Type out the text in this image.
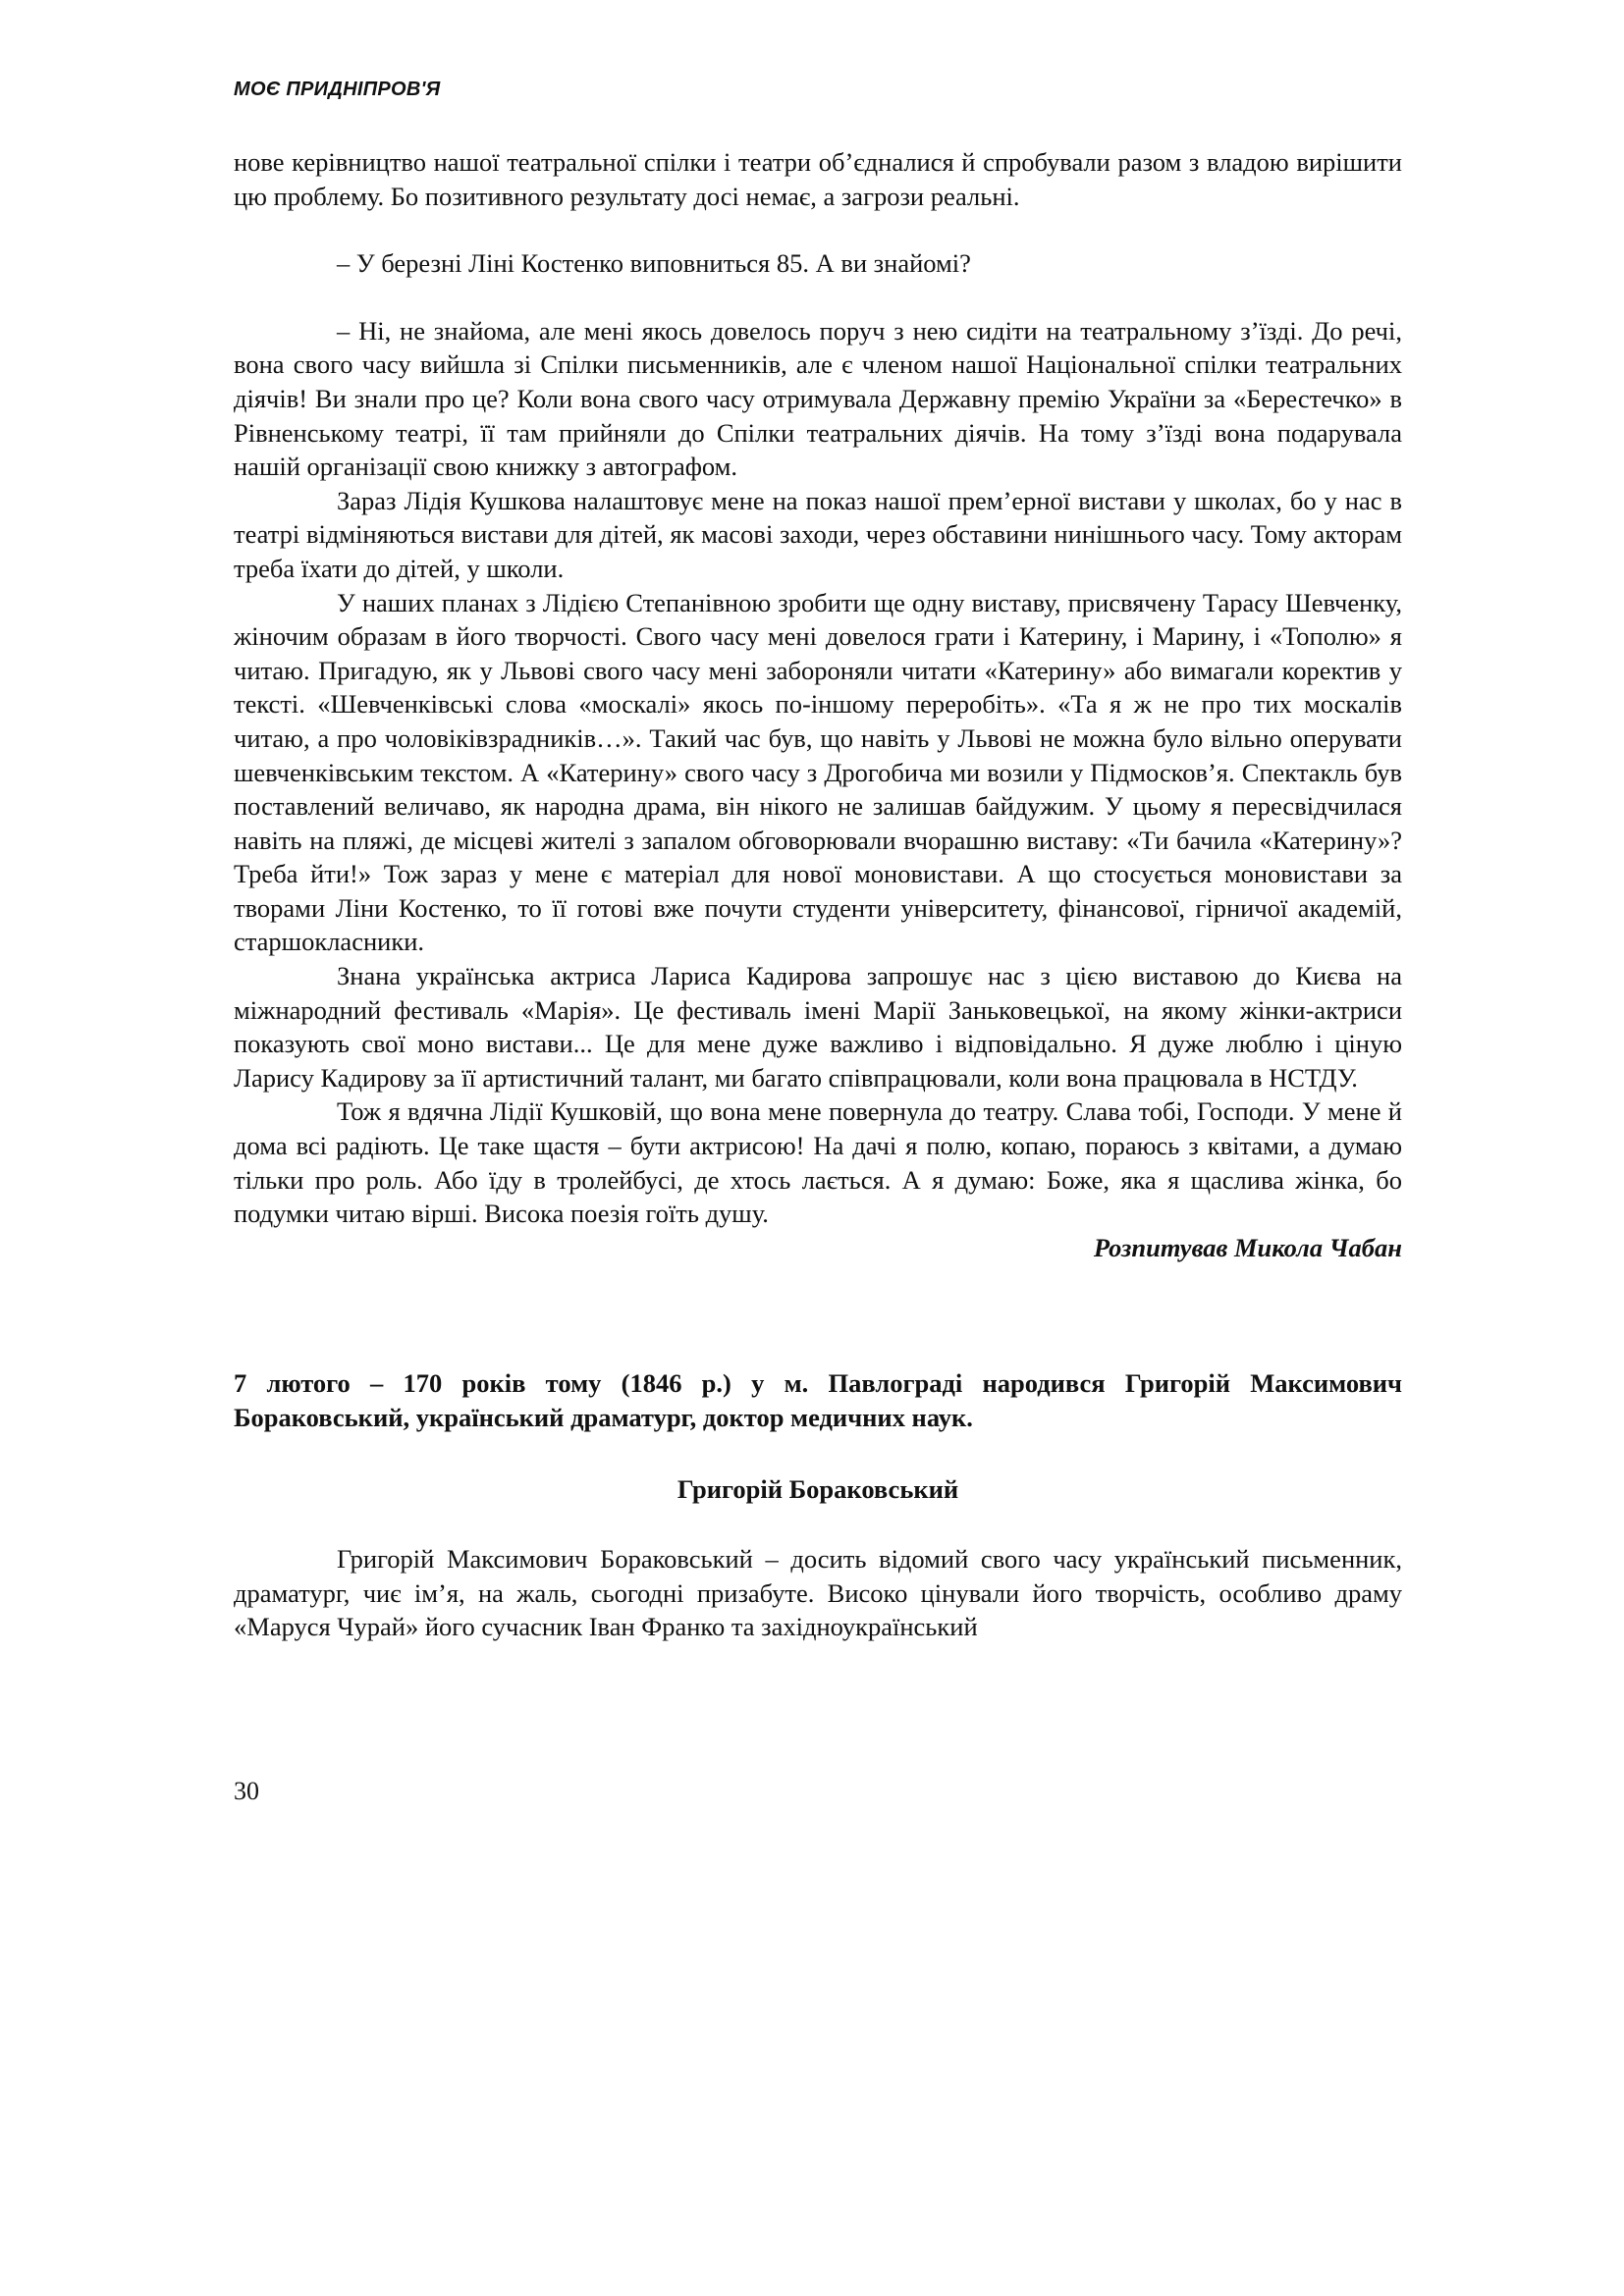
МОЄ ПРИДНІПРОВ'Я

нове керівництво нашої театральної спілки і театри об’єдналися й спробували разом з владою вирішити цю проблему. Бо позитивного результату досі немає, а загрози реальні.

– У березні Ліні Костенко виповниться 85. А ви знайомі?

– Ні, не знайома, але мені якось довелось поруч з нею сидіти на театральному з’їзді. До речі, вона свого часу вийшла зі Спілки письменників, але є членом нашої Національної спілки театральних діячів! Ви знали про це? Коли вона свого часу отримувала Державну премію України за «Берестечко» в Рівненському театрі, її там прийняли до Спілки театральних діячів. На тому з’їзді вона подарувала нашій організації свою книжку з автографом.

Зараз Лідія Кушкова налаштовує мене на показ нашої прем’ерної вистави у школах, бо у нас в театрі відміняються вистави для дітей, як масові заходи, через обставини нинішнього часу. Тому акторам треба їхати до дітей, у школи.

У наших планах з Лідією Степанівною зробити ще одну виставу, присвячену Тарасу Шевченку, жіночим образам в його творчості. Свого часу мені довелося грати і Катерину, і Марину, і «Тополю» я читаю. Пригадую, як у Львові свого часу мені забороняли читати «Катерину» або вимагали коректив у тексті. «Шевченківські слова «москалі» якось по-іншому переробіть». «Та я ж не про тих москалів читаю, а про чоловіківзрадників…». Такий час був, що навіть у Львові не можна було вільно оперувати шевченківським текстом. А «Катерину» свого часу з Дрогобича ми возили у Підмосков’я. Спектакль був поставлений величаво, як народна драма, він нікого не залишав байдужим. У цьому я пересвідчилася навіть на пляжі, де місцеві жителі з запалом обговорювали вчорашню виставу: «Ти бачила «Катерину»? Треба йти!» Тож зараз у мене є матеріал для нової моновистави. А що стосується моновистави за творами Ліни Костенко, то її готові вже почути студенти університету, фінансової, гірничої академій, старшокласники.

Знана українська актриса Лариса Кадирова запрошує нас з цією виставою до Києва на міжнародний фестиваль «Марія». Це фестиваль імені Марії Заньковецької, на якому жінки-актриси показують свої моно вистави... Це для мене дуже важливо і відповідально. Я дуже люблю і ціную Ларису Кадирову за її артистичний талант, ми багато співпрацювали, коли вона працювала в НСТДУ.

Тож я вдячна Лідії Кушковій, що вона мене повернула до театру. Слава тобі, Господи. У мене й дома всі радіють. Це таке щастя – бути актрисою! На дачі я полю, копаю, пораюсь з квітами, а думаю тільки про роль. Або їду в тролейбусі, де хтось лається. А я думаю: Боже, яка я щаслива жінка, бо подумки читаю вірші. Висока поезія гоїть душу.

Розпитував Микола Чабан

7 лютого – 170 років тому (1846 р.) у м. Павлограді народився Григорій Максимович Бораковський, український драматург, доктор медичних наук.

Григорій Бораковський

Григорій Максимович Бораковський – досить відомий свого часу український письменник, драматург, чиє ім’я, на жаль, сьогодні призабуте. Високо цінували його творчість, особливо драму «Маруся Чурай» його сучасник Іван Франко та західноукраїнський

30
